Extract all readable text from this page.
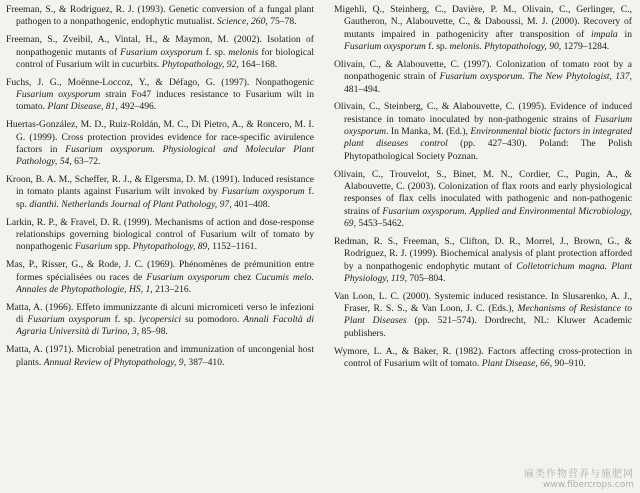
Freeman, S., & Rodriguez, R. J. (1993). Genetic conversion of a fungal plant pathogen to a nonpathogenic, endophytic mutualist. Science, 260, 75–78.

Freeman, S., Zveibil, A., Vintal, H., & Maymon, M. (2002). Isolation of nonpathogenic mutants of Fusarium oxysporum f. sp. melonis for biological control of Fusarium wilt in cucurbits. Phytopathology, 92, 164–168.

Fuchs, J. G., Moënne-Loccoz, Y., & Défago, G. (1997). Nonpathogenic Fusarium oxysporum strain Fo47 induces resistance to Fusarium wilt in tomato. Plant Disease, 81, 492–496.

Huertas-González, M. D., Ruiz-Roldán, M. C., Di Pietro, A., & Roncero, M. I. G. (1999). Cross protection provides evidence for race-specific avirulence factors in Fusarium oxysporum. Physiological and Molecular Plant Pathology, 54, 63–72.

Kroon, B. A. M., Scheffer, R. J., & Elgersma, D. M. (1991). Induced resistance in tomato plants against Fusarium wilt invoked by Fusarium oxysporum f. sp. dianthi. Netherlands Journal of Plant Pathology, 97, 401–408.

Larkin, R. P., & Fravel, D. R. (1999). Mechanisms of action and dose-response relationships governing biological control of Fusarium wilt of tomato by nonpathogenic Fusarium spp. Phytopathology, 89, 1152–1161.

Mas, P., Risser, G., & Rode, J. C. (1969). Phénomènes de prémunition entre formes spécialisées ou races de Fusarium oxysporum chez Cucumis melo. Annales de Phytopathologie, HS, 1, 213–216.

Matta, A. (1966). Effeto immunizzante di alcuni micromiceti verso le infezioni di Fusarium oxysporum f. sp. lycopersici su pomodoro. Annali Facoltà di Agraria Università di Turino, 3, 85–98.

Matta, A. (1971). Microbial penetration and immunization of uncongenial host plants. Annual Review of Phytopathology, 9, 387–410.

Migehli, Q., Steinberg, C., Davière, P. M., Olivain, C., Gerlinger, C., Gautheron, N., Alabouvette, C., & Daboussi, M. J. (2000). Recovery of mutants impaired in pathogenicity after transposition of impala in Fusarium oxysporum f. sp. melonis. Phytopathology, 90, 1279–1284.

Olivain, C., & Alabouvette, C. (1997). Colonization of tomato root by a nonpathogenic strain of Fusarium oxysporum. The New Phytologist, 137, 481–494.

Olivain, C., Steinberg, C., & Alabouvette, C. (1995). Evidence of induced resistance in tomato inoculated by non-pathogenic strains of Fusarium oxysporum. In Manka, M. (Ed.), Environmental biotic factors in integrated plant diseases control (pp. 427–430). Poland: The Polish Phytopathological Society Poznan.

Olivain, C., Trouvelot, S., Binet, M. N., Cordier, C., Pugin, A., & Alabouvette, C. (2003). Colonization of flax roots and early physiological responses of flax cells inoculated with pathogenic and non-pathogenic strains of Fusarium oxysporum. Applied and Environmental Microbiology, 69, 5453–5462.

Redman, R. S., Freeman, S., Clifton, D. R., Morrel, J., Brown, G., & Rodriguez, R. J. (1999). Biochemical analysis of plant protection afforded by a nonpathogenic endophytic mutant of Colletotrichum magna. Plant Physiology, 119, 705–804.

Van Loon, L. C. (2000). Systemic induced resistance. In Slusarenko, A. J., Fraser, R. S. S., & Van Loon, J. C. (Eds.), Mechanisms of Resistance to Plant Diseases (pp. 521–574). Dordrecht, NL: Kluwer Academic publishers.

Wymore, L. A., & Baker, R. (1982). Factors affecting cross-protection in control of Fusarium wilt of tomato. Plant Disease, 66, 90–910.

麻类作物营养与施肥网
www.fibercrops.com
